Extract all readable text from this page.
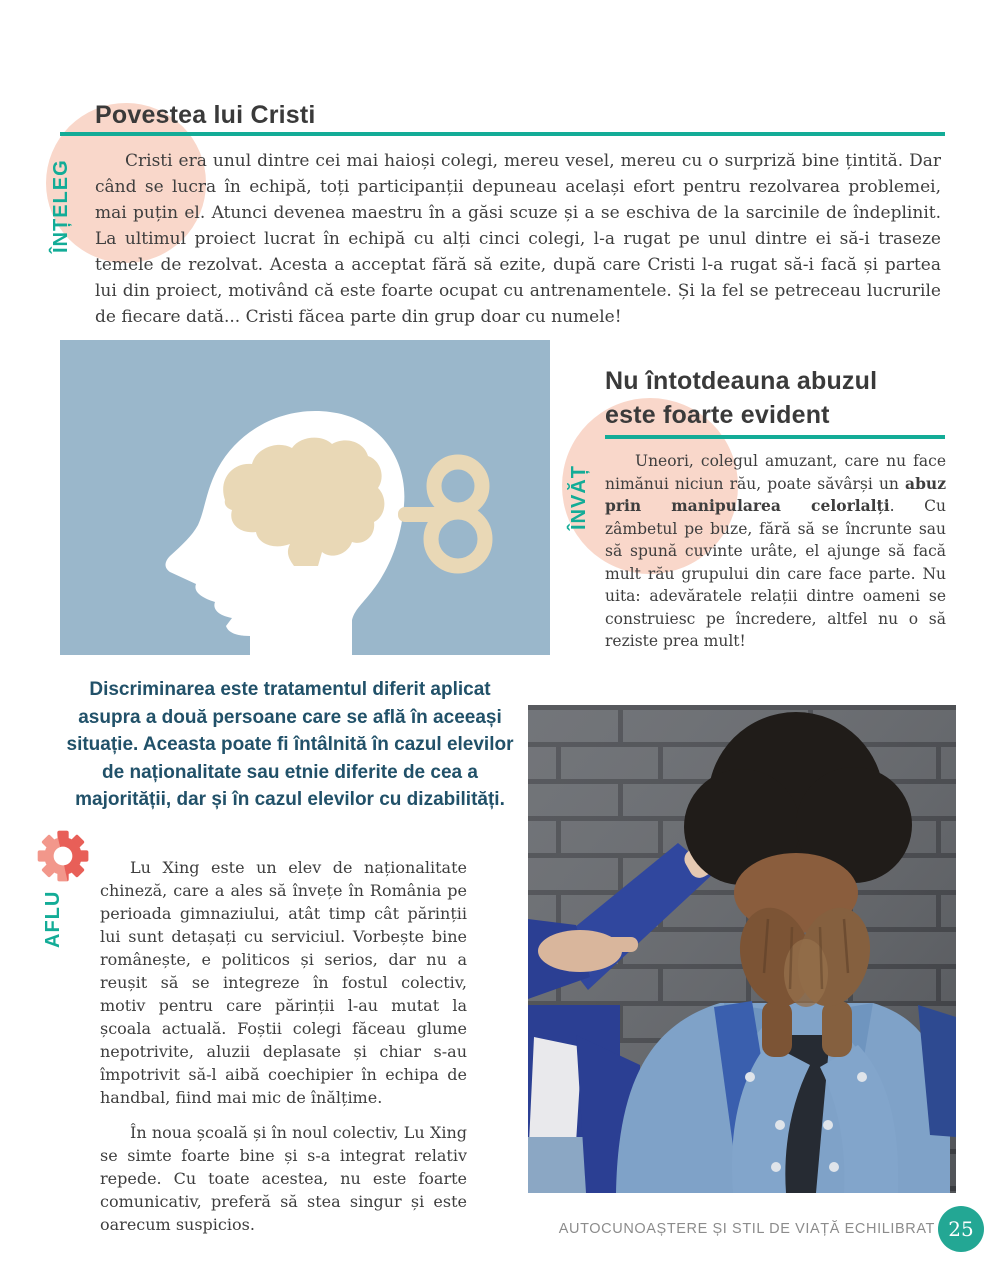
Povestea lui Cristi
ÎNȚELEG	Cristi era unul dintre cei mai haioși colegi, mereu vesel, mereu cu o surpriză bine țintită. Dar când se lucra în echipă, toți participanții depuneau același efort pentru rezolvarea problemei, mai puțin el. Atunci devenea maestru în a găsi scuze și a se eschiva de la sarcinile de îndeplinit. La ultimul proiect lucrat în echipă cu alți cinci colegi, l-a rugat pe unul dintre ei să-i traseze temele de rezolvat. Acesta a acceptat fără să ezite, după care Cristi l-a rugat să-i facă și partea lui din proiect, motivând că este foarte ocupat cu antrenamentele. Și la fel se petreceau lucrurile de fiecare dată... Cristi făcea parte din grup doar cu numele!

Nu întotdeauna abuzul
este foarte evident
ÎNVĂȚ

Uneori, colegul amuzant, care nu face nimănui niciun rău, poate săvârși un abuz prin manipularea celorlalți. Cu zâmbetul pe buze, fără să se încrunte sau să spună cuvinte urâte, el ajunge să facă mult rău grupului din care face parte. Nu uita: adevăratele relații dintre oameni se construiesc pe încredere, altfel nu o să reziste prea mult!

Discriminarea este tratamentul diferit aplicat asupra a două persoane care se află în aceeași situație. Aceasta poate fi întâlnită în cazul elevilor de naționalitate sau etnie diferite de cea a majorității, dar și în cazul elevilor cu dizabilități.
AFLU

Lu Xing este un elev de naționalitate chineză, care a ales să învețe în România pe perioada gimnaziului, atât timp cât părinții lui sunt detașați cu serviciul. Vorbește bine românește, e politicos și serios, dar nu a reușit să se integreze în fostul colectiv, motiv pentru care părinții l-au mutat la școala actuală. Foștii colegi făceau glume nepotrivite, aluzii deplasate și chiar s-au împotrivit să-l aibă coechipier în echipa de handbal, fiind mai mic de înălțime.

În noua școală și în noul colectiv, Lu Xing se simte foarte bine și s-a integrat relativ repede. Cu toate acestea, nu este foarte comunicativ, preferă să stea singur și este oarecum suspicios.	AUTOCUNOAȘTERE ȘI STIL DE VIAȚĂ ECHILIBRAT 25
